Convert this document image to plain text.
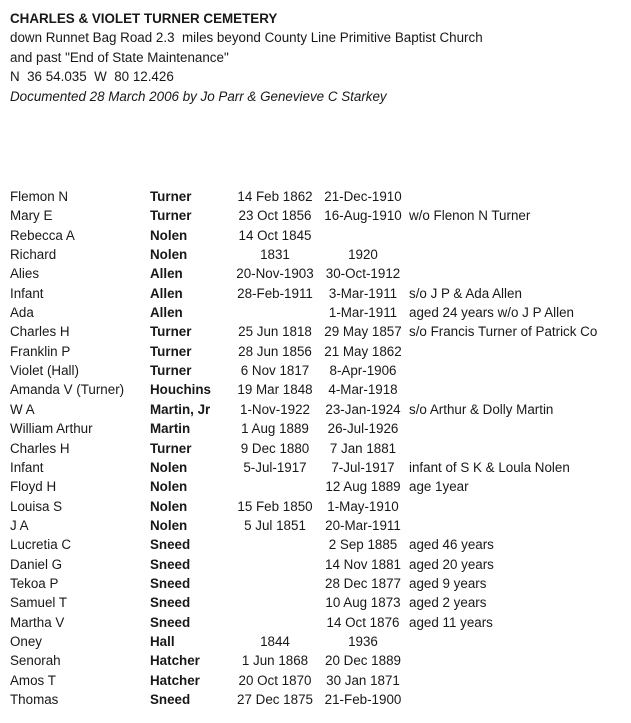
CHARLES & VIOLET TURNER CEMETERY

down Runnet Bag Road 2.3  miles beyond County Line Primitive Baptist Church

and past "End of State Maintenance"

N  36 54.035  W  80 12.426

Documented 28 March 2006 by Jo Parr & Genevieve C Starkey

Flemon N	Turner	14 Feb 1862	21-Dec-1910	
Mary E	Turner	23 Oct 1856	16-Aug-1910	w/o Flenon N Turner
Rebecca A	Nolen	14 Oct 1845		
Richard	Nolen	1831	1920	
Alies	Allen	20-Nov-1903	30-Oct-1912	
Infant	Allen	28-Feb-1911	3-Mar-1911	s/o J P & Ada Allen
Ada	Allen		1-Mar-1911	aged 24 years w/o J P Allen
Charles H	Turner	25 Jun 1818	29 May 1857	s/o Francis Turner of Patrick Co
Franklin P	Turner	28 Jun 1856	21 May 1862	
Violet (Hall)	Turner	6 Nov 1817	8-Apr-1906	
Amanda V (Turner)	Houchins	19 Mar 1848	4-Mar-1918	
W A	Martin, Jr	1-Nov-1922	23-Jan-1924	s/o Arthur & Dolly Martin
William Arthur	Martin	1 Aug 1889	26-Jul-1926	
Charles H	Turner	9 Dec 1880	7 Jan 1881	
Infant	Nolen	5-Jul-1917	7-Jul-1917	infant of S K & Loula Nolen
Floyd H	Nolen		12 Aug 1889	age 1year
Louisa S	Nolen	15 Feb 1850	1-May-1910	
J A	Nolen	5 Jul 1851	20-Mar-1911	
Lucretia C	Sneed		2 Sep 1885	aged 46 years
Daniel G	Sneed		14 Nov 1881	aged 20 years
Tekoa P	Sneed		28 Dec 1877	aged 9 years
Samuel T	Sneed		10 Aug 1873	aged 2 years
Martha V	Sneed		14 Oct 1876	aged 11 years
Oney	Hall	1844	1936	
Senorah	Hatcher	1 Jun 1868	20 Dec 1889	
Amos T	Hatcher	20 Oct 1870	30 Jan 1871	
Thomas	Sneed	27 Dec 1875	21-Feb-1900	
